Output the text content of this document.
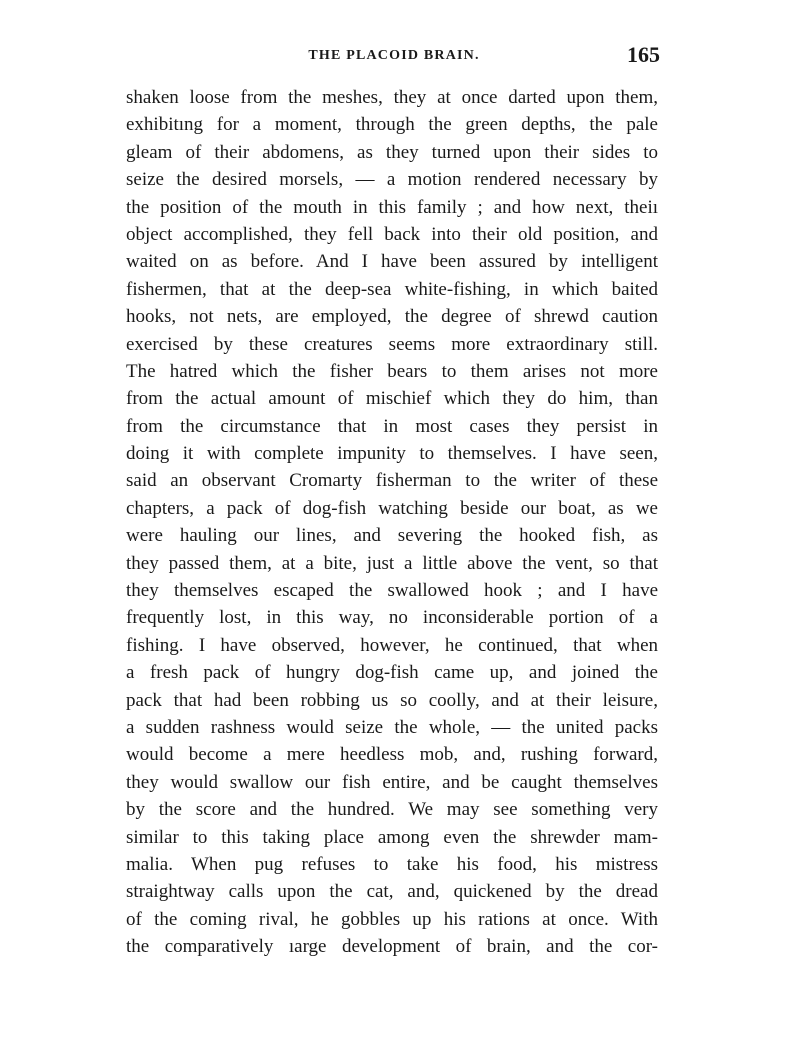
THE PLACOID BRAIN.	165
shaken loose from the meshes, they at once darted upon them,
exhibitıng for a moment, through the green depths, the pale
gleam of their abdomens, as they turned upon their sides to
seize the desired morsels, — a motion rendered necessary by
the position of the mouth in this family ; and how next, theiı
object accomplished, they fell back into their old position, and
waited on as before. And I have been assured by intelligent
fishermen, that at the deep-sea white-fishing, in which baited
hooks, not nets, are employed, the degree of shrewd caution
exercised by these creatures seems more extraordinary still.
The hatred which the fisher bears to them arises not more
from the actual amount of mischief which they do him, than
from the circumstance that in most cases they persist in
doing it with complete impunity to themselves. I have seen,
said an observant Cromarty fisherman to the writer of these
chapters, a pack of dog-fish watching beside our boat, as we
were hauling our lines, and severing the hooked fish, as
they passed them, at a bite, just a little above the vent, so that
they themselves escaped the swallowed hook ; and I have
frequently lost, in this way, no inconsiderable portion of a
fishing. I have observed, however, he continued, that when
a fresh pack of hungry dog-fish came up, and joined the
pack that had been robbing us so coolly, and at their leisure,
a sudden rashness would seize the whole, — the united packs
would become a mere heedless mob, and, rushing forward,
they would swallow our fish entire, and be caught themselves
by the score and the hundred. We may see something very
similar to this taking place among even the shrewder mam-
malia. When pug refuses to take his food, his mistress
straightway calls upon the cat, and, quickened by the dread
of the coming rival, he gobbles up his rations at once. With
the comparatively ıarge development of brain, and the cor-
